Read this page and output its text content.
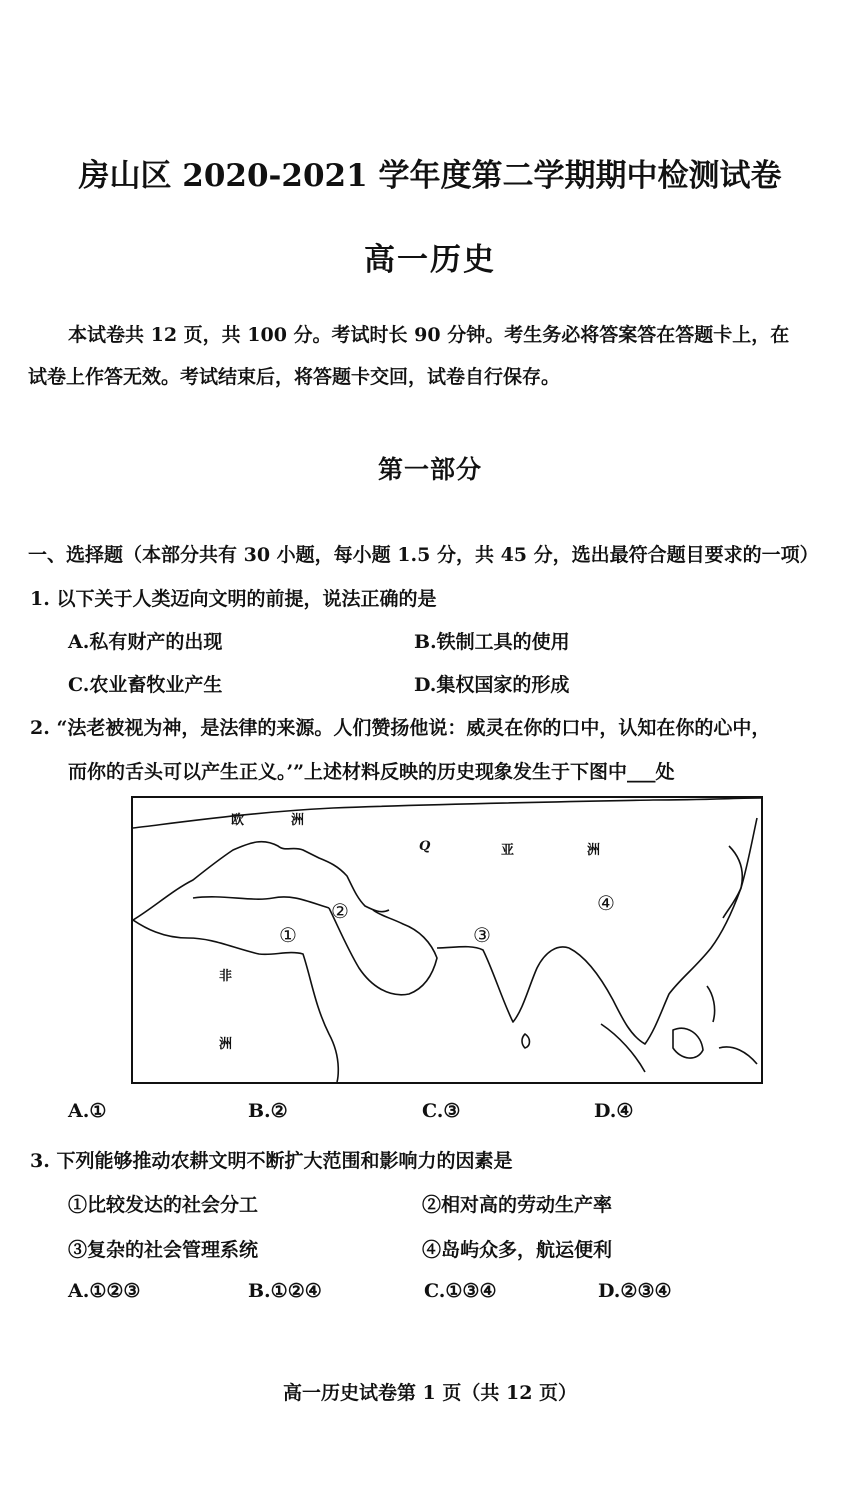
房山区 2020-2021 学年度第二学期期中检测试卷
高一历史
本试卷共 12 页，共 100 分。考试时长 90 分钟。考生务必将答案答在答题卡上，在
试卷上作答无效。考试结束后，将答题卡交回，试卷自行保存。
第一部分
一、选择题（本部分共有 30 小题，每小题 1.5 分，共 45 分，选出最符合题目要求的一项）
1. 以下关于人类迈向文明的前提，说法正确的是
A.私有财产的出现	B.铁制工具的使用
C.农业畜牧业产生	D.集权国家的形成
2. “法老被视为神，是法律的来源。人们赞扬他说：威灵在你的口中，认知在你的心中，
而你的舌头可以产生正义。’”上述材料反映的历史现象发生于下图中___处
欧	洲
Q	亚	洲
非
洲
①
②
③
④
A.①	B.②	C.③	D.④
3. 下列能够推动农耕文明不断扩大范围和影响力的因素是
①比较发达的社会分工	②相对高的劳动生产率
③复杂的社会管理系统	④岛屿众多，航运便利
A.①②③	B.①②④	C.①③④	D.②③④
高一历史试卷第 1 页（共 12 页）
